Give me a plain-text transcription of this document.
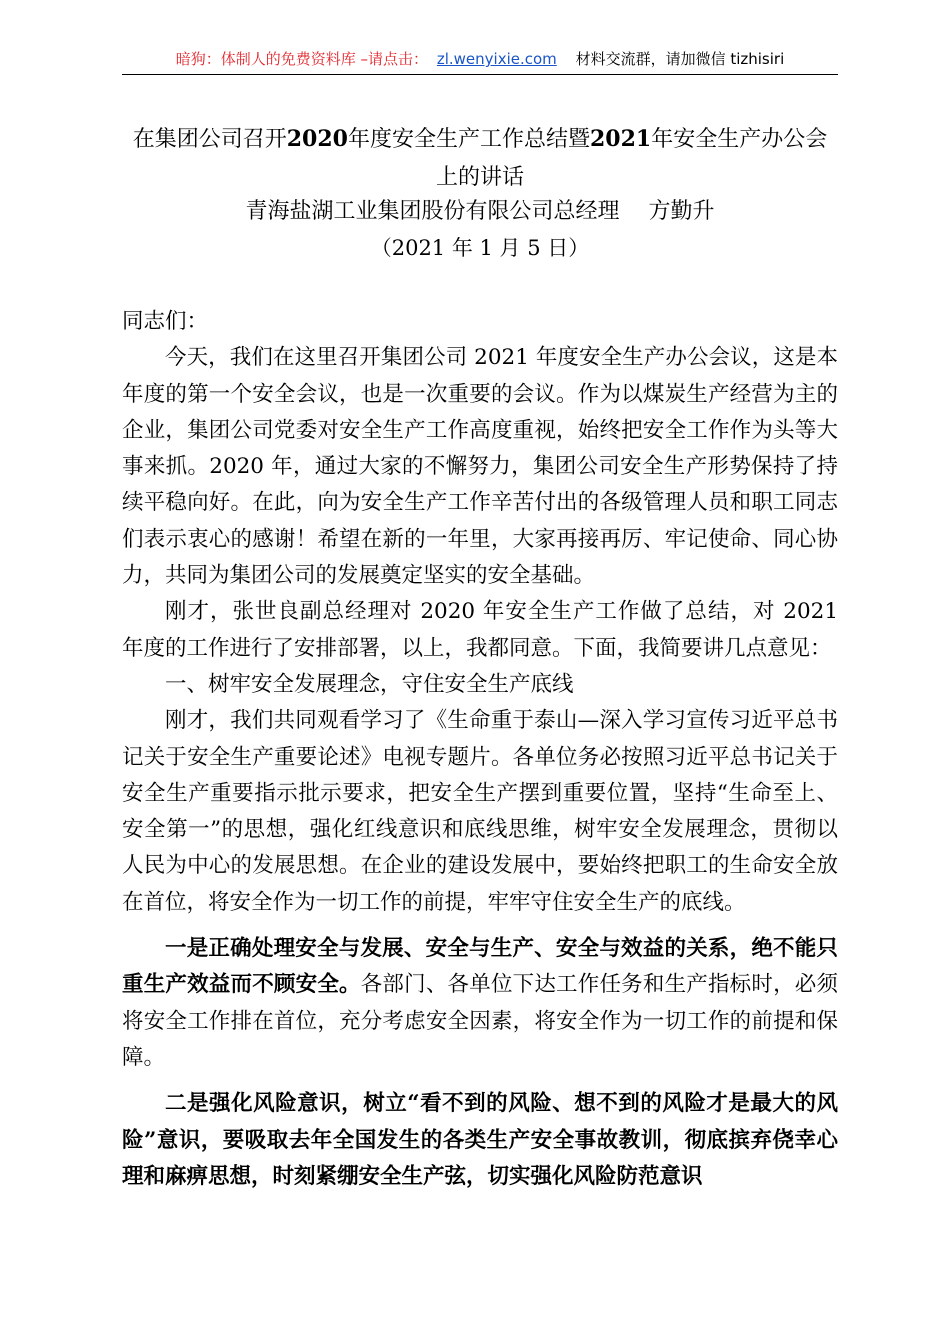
暗狗：体制人的免费资料库 –请点击： zl.wenyixie.com 材料交流群，请加微信 tizhisiri
在集团公司召开2020年度安全生产工作总结暨2021年安全生产办公会上的讲话
青海盐湖工业集团股份有限公司总经理　 方勤升
（2021 年 1 月 5 日）

同志们：

今天，我们在这里召开集团公司 2021 年度安全生产办公会议，这是本年度的第一个安全会议，也是一次重要的会议。作为以煤炭生产经营为主的企业，集团公司党委对安全生产工作高度重视，始终把安全工作作为头等大事来抓。2020 年，通过大家的不懈努力，集团公司安全生产形势保持了持续平稳向好。在此，向为安全生产工作辛苦付出的各级管理人员和职工同志们表示衷心的感谢！希望在新的一年里，大家再接再厉、牢记使命、同心协力，共同为集团公司的发展奠定坚实的安全基础。

刚才，张世良副总经理对 2020 年安全生产工作做了总结，对 2021 年度的工作进行了安排部署，以上，我都同意。下面，我简要讲几点意见：

一、树牢安全发展理念，守住安全生产底线

刚才，我们共同观看学习了《生命重于泰山—深入学习宣传习近平总书记关于安全生产重要论述》电视专题片。各单位务必按照习近平总书记关于安全生产重要指示批示要求，把安全生产摆到重要位置，坚持“生命至上、安全第一”的思想，强化红线意识和底线思维，树牢安全发展理念，贯彻以人民为中心的发展思想。在企业的建设发展中，要始终把职工的生命安全放在首位，将安全作为一切工作的前提，牢牢守住安全生产的底线。

一是正确处理安全与发展、安全与生产、安全与效益的关系，绝不能只重生产效益而不顾安全。各部门、各单位下达工作任务和生产指标时，必须将安全工作排在首位，充分考虑安全因素，将安全作为一切工作的前提和保障。

二是强化风险意识，树立“看不到的风险、想不到的风险才是最大的风险”意识，要吸取去年全国发生的各类生产安全事故教训，彻底摈弃侥幸心理和麻痹思想，时刻紧绷安全生产弦，切实强化风险防范意识
